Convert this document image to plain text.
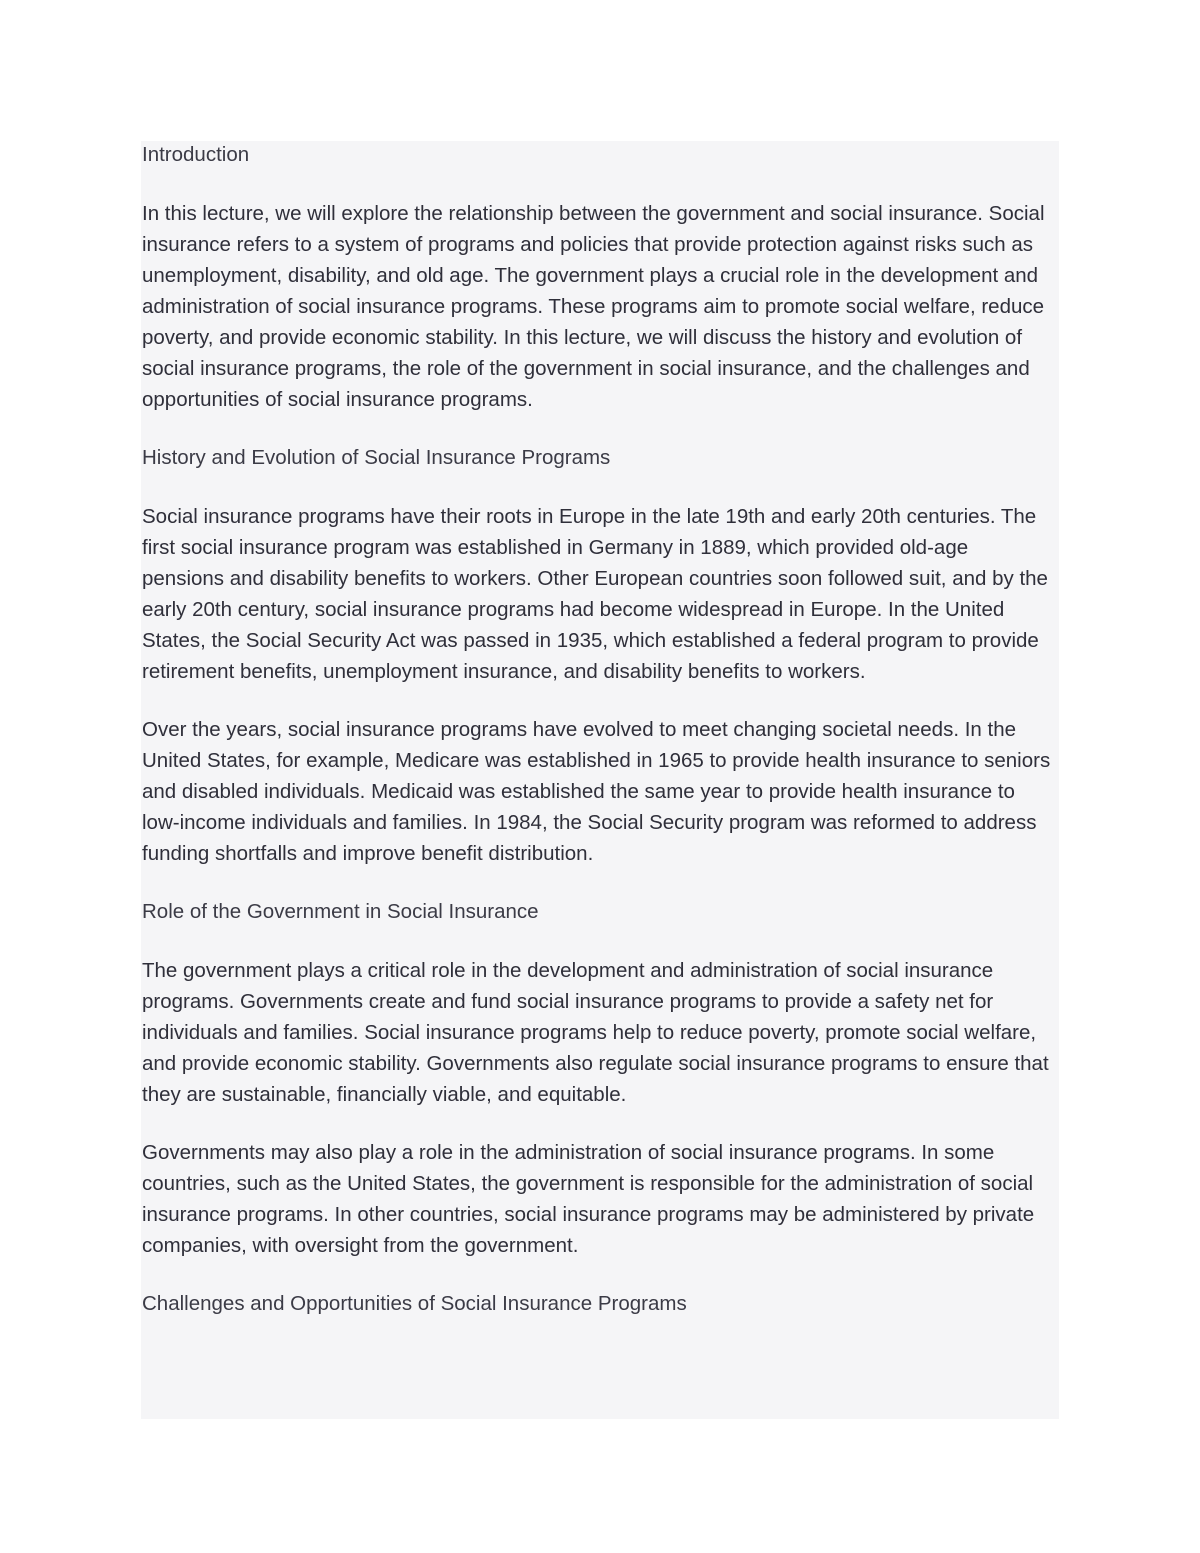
Introduction

In this lecture, we will explore the relationship between the government and social insurance. Social insurance refers to a system of programs and policies that provide protection against risks such as unemployment, disability, and old age. The government plays a crucial role in the development and administration of social insurance programs. These programs aim to promote social welfare, reduce poverty, and provide economic stability. In this lecture, we will discuss the history and evolution of social insurance programs, the role of the government in social insurance, and the challenges and opportunities of social insurance programs.

History and Evolution of Social Insurance Programs

Social insurance programs have their roots in Europe in the late 19th and early 20th centuries. The first social insurance program was established in Germany in 1889, which provided old-age pensions and disability benefits to workers. Other European countries soon followed suit, and by the early 20th century, social insurance programs had become widespread in Europe. In the United States, the Social Security Act was passed in 1935, which established a federal program to provide retirement benefits, unemployment insurance, and disability benefits to workers.

Over the years, social insurance programs have evolved to meet changing societal needs. In the United States, for example, Medicare was established in 1965 to provide health insurance to seniors and disabled individuals. Medicaid was established the same year to provide health insurance to low-income individuals and families. In 1984, the Social Security program was reformed to address funding shortfalls and improve benefit distribution.

Role of the Government in Social Insurance

The government plays a critical role in the development and administration of social insurance programs. Governments create and fund social insurance programs to provide a safety net for individuals and families. Social insurance programs help to reduce poverty, promote social welfare, and provide economic stability. Governments also regulate social insurance programs to ensure that they are sustainable, financially viable, and equitable.

Governments may also play a role in the administration of social insurance programs. In some countries, such as the United States, the government is responsible for the administration of social insurance programs. In other countries, social insurance programs may be administered by private companies, with oversight from the government.

Challenges and Opportunities of Social Insurance Programs
